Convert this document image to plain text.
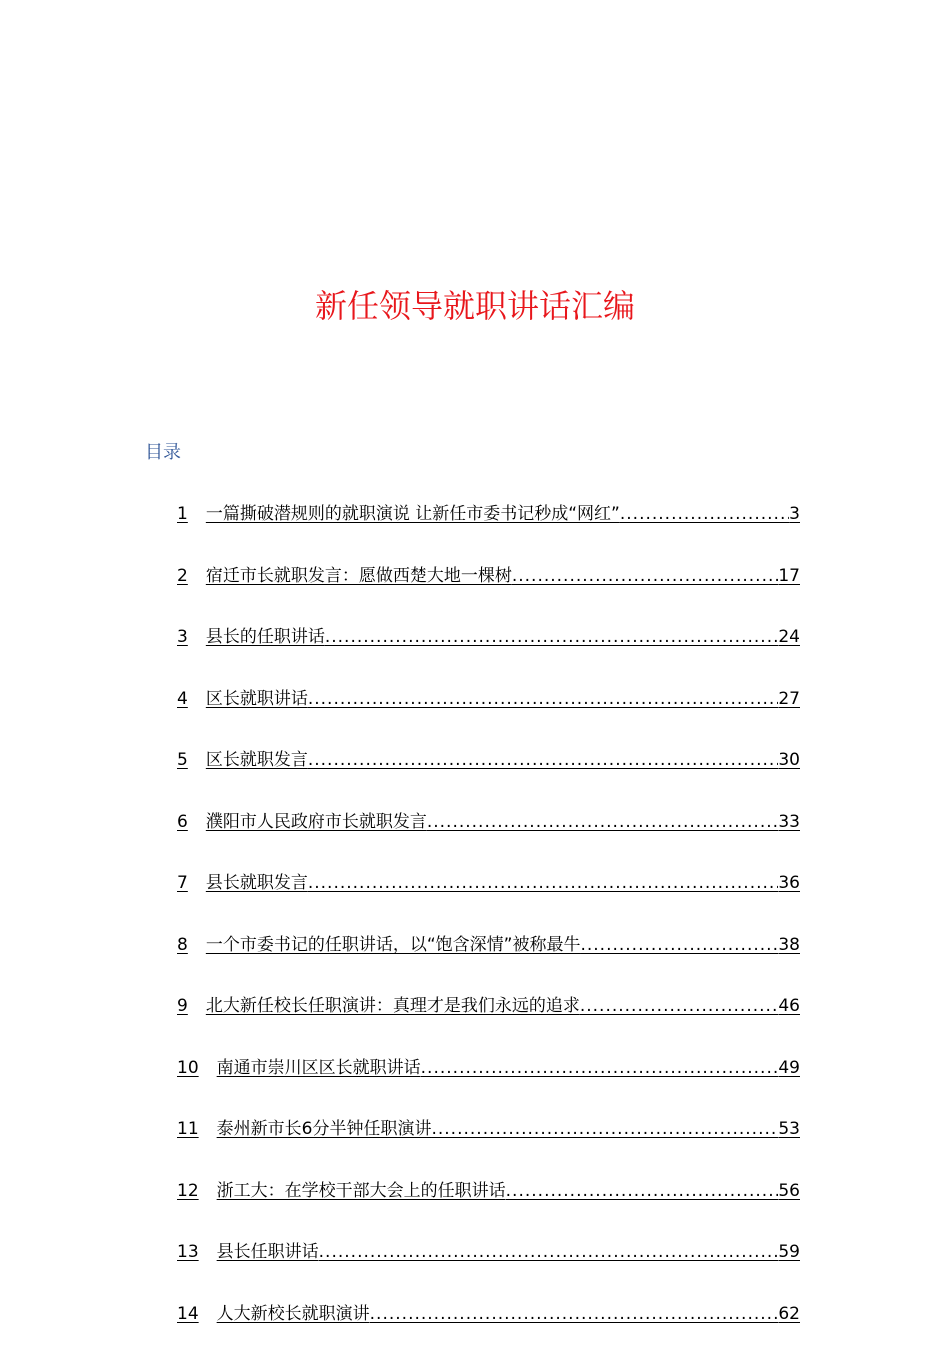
新任领导就职讲话汇编
目录
1 一篇撕破潜规则的就职演说 让新任市委书记秒成“网红” .....	3
2 宿迁市长就职发言：愿做西楚大地一棵树 .....	17
3 县长的任职讲话 .....	24
4 区长就职讲话 .....	27
5 区长就职发言 .....	30
6 濮阳市人民政府市长就职发言 .....	33
7 县长就职发言 .....	36
8 一个市委书记的任职讲话，以“饱含深情”被称最牛 .....	38
9 北大新任校长任职演讲：真理才是我们永远的追求 .....	46
10 南通市崇川区区长就职讲话 .....	49
11 泰州新市长6分半钟任职演讲 .....	53
12 浙工大：在学校干部大会上的任职讲话 .....	56
13 县长任职讲话 .....	59
14 人大新校长就职演讲 .....	62
